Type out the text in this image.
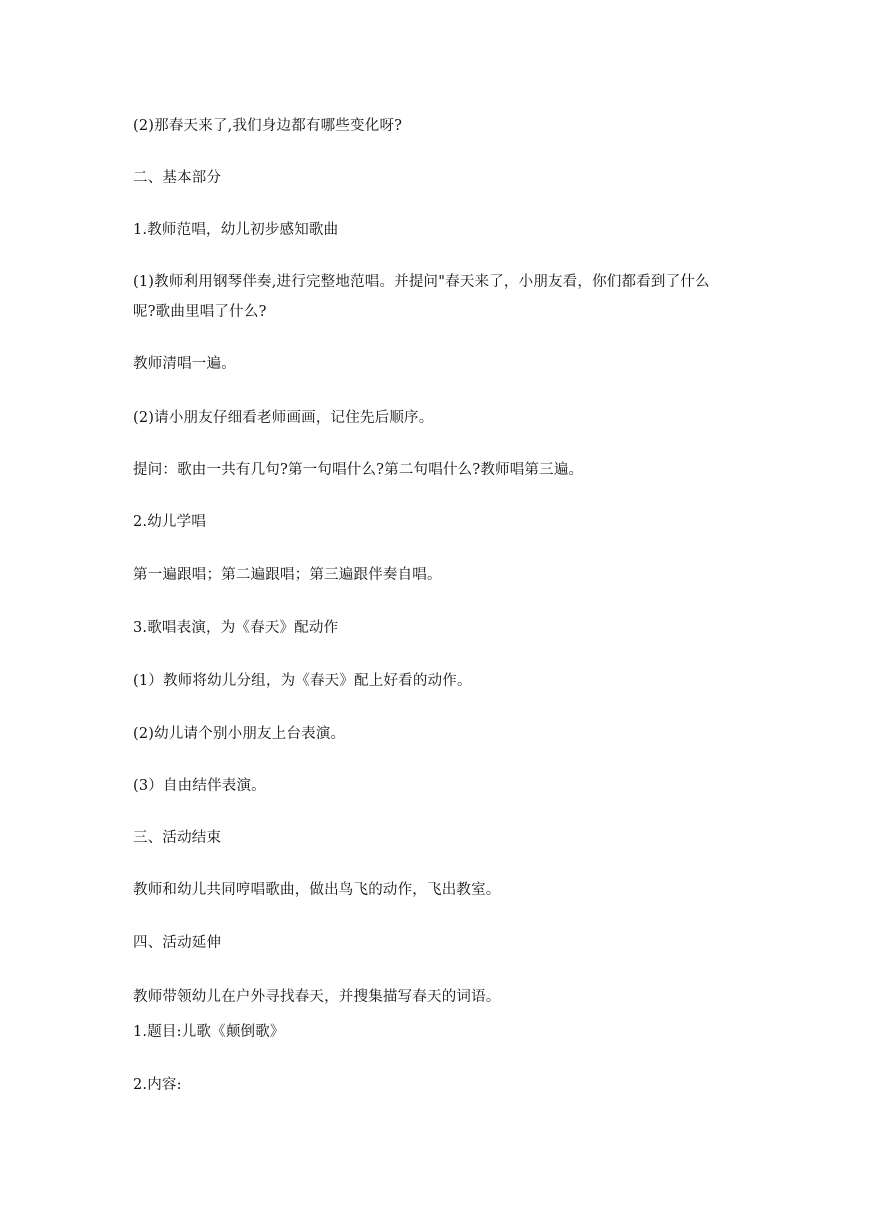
(2)那春天来了,我们身边都有哪些变化呀?
二、基本部分
1.教师范唱，幼儿初步感知歌曲
(1)教师利用钢琴伴奏,进行完整地范唱。并提问"春天来了，小朋友看，你们都看到了什么
呢?歌曲里唱了什么?
教师清唱一遍。
(2)请小朋友仔细看老师画画，记住先后顺序。
提问：歌由一共有几句?第一句唱什么?第二句唱什么?教师唱第三遍。
2.幼儿学唱
第一遍跟唱；第二遍跟唱；第三遍跟伴奏自唱。
3.歌唱表演，为《春天》配动作
(1）教师将幼儿分组，为《春天》配上好看的动作。
(2)幼儿请个别小朋友上台表演。
(3）自由结伴表演。
三、活动结束
教师和幼儿共同哼唱歌曲，做出鸟飞的动作，飞出教室。
四、活动延伸
教师带领幼儿在户外寻找春天，并搜集描写春天的词语。
1.题目:儿歌《颠倒歌》
2.内容:
